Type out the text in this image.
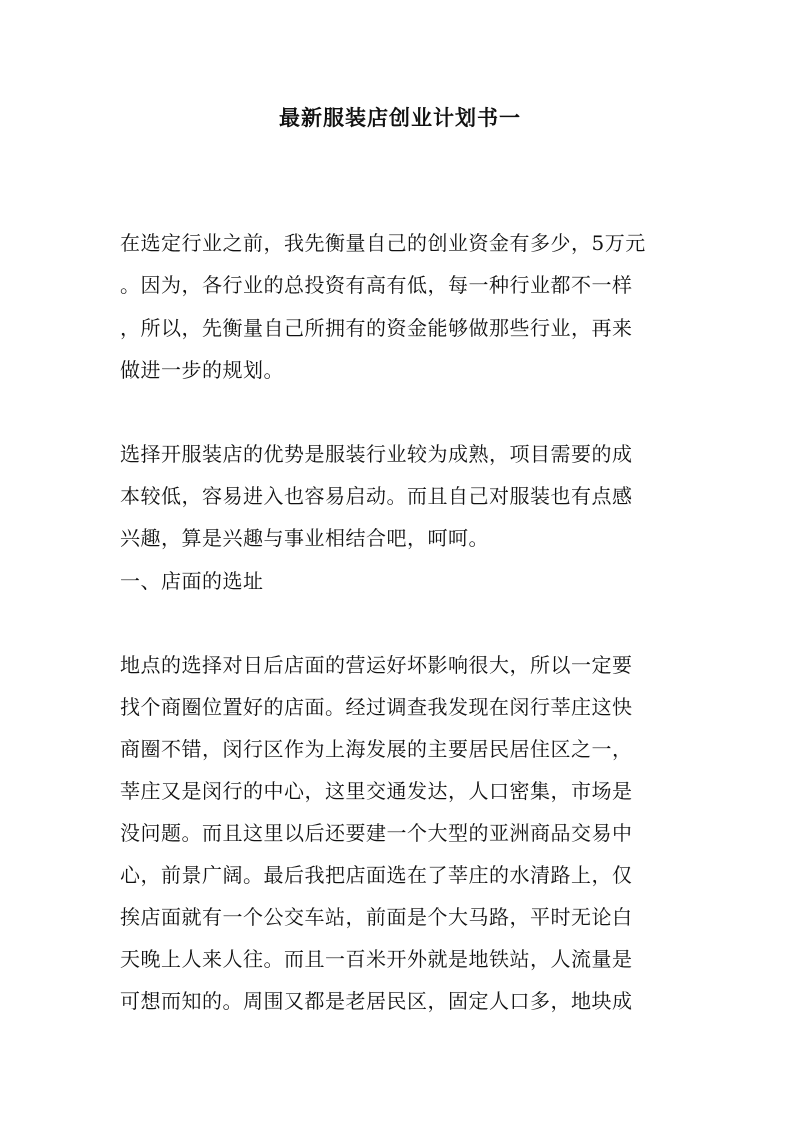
最新服装店创业计划书一
在选定行业之前，我先衡量自己的创业资金有多少，5万元
。因为，各行业的总投资有高有低，每一种行业都不一样
，所以，先衡量自己所拥有的资金能够做那些行业，再来
做进一步的规划。
选择开服装店的优势是服装行业较为成熟，项目需要的成
本较低，容易进入也容易启动。而且自己对服装也有点感
兴趣，算是兴趣与事业相结合吧，呵呵。
一、店面的选址
地点的选择对日后店面的营运好坏影响很大，所以一定要
找个商圈位置好的店面。经过调查我发现在闵行莘庄这快
商圈不错，闵行区作为上海发展的主要居民居住区之一，
莘庄又是闵行的中心，这里交通发达，人口密集，市场是
没问题。而且这里以后还要建一个大型的亚洲商品交易中
心，前景广阔。最后我把店面选在了莘庄的水清路上，仅
挨店面就有一个公交车站，前面是个大马路，平时无论白
天晚上人来人往。而且一百米开外就是地铁站，人流量是
可想而知的。周围又都是老居民区，固定人口多，地块成
